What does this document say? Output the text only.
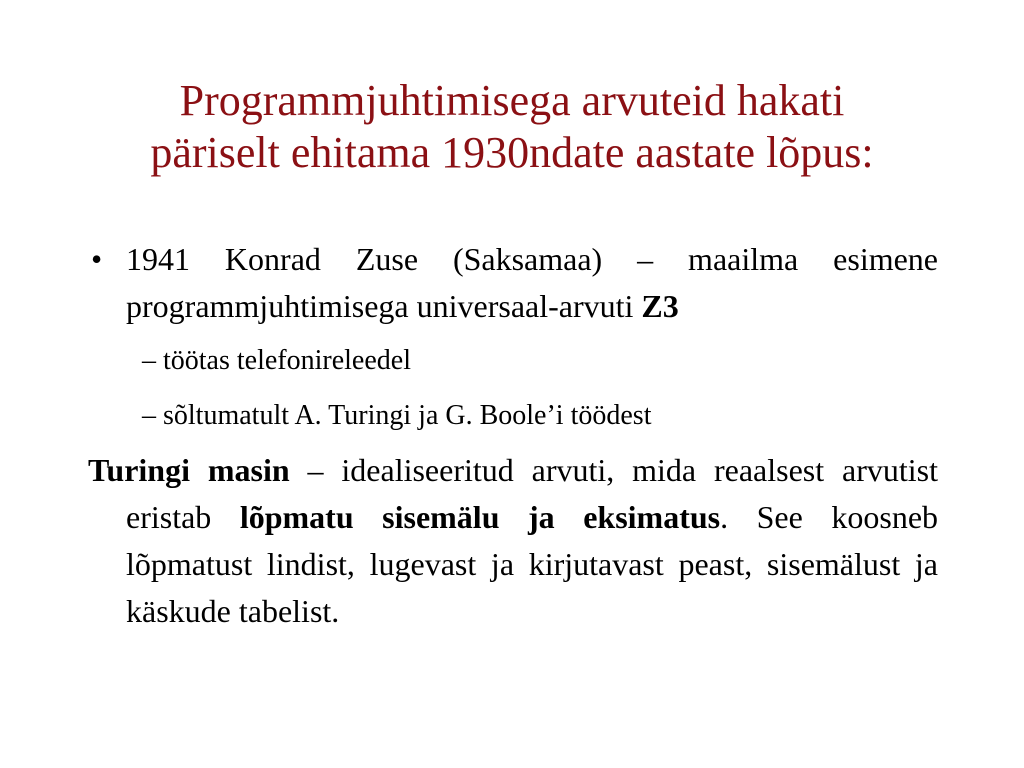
Programmjuhtimisega arvuteid hakati
päriselt ehitama 1930ndate aastate lõpus:
• 1941 Konrad Zuse (Saksamaa) – maailma esimene programmjuhtimisega universaal-arvuti Z3
– töötas telefonireleedel
– sõltumatult A. Turingi ja G. Boole’i töödest
Turingi masin – idealiseeritud arvuti, mida reaalsest arvutist eristab lõpmatu sisemälu ja eksimatus. See koosneb lõpmatust lindist, lugevast ja kirjutavast peast, sisemälust ja käskude tabelist.
